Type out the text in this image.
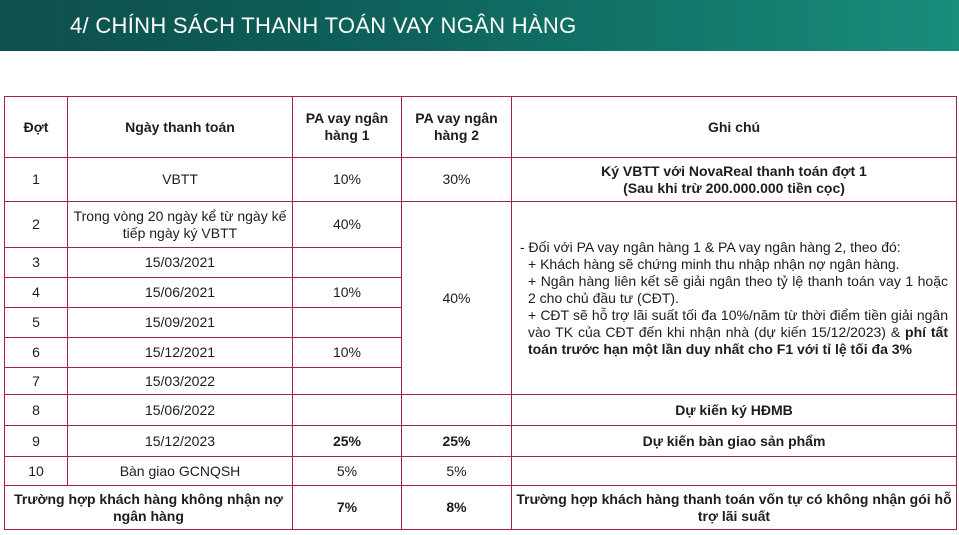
4/ CHÍNH SÁCH THANH TOÁN VAY NGÂN HÀNG
Đợt	Ngày thanh toán	PA vay ngân hàng 1	PA vay ngân hàng 2	Ghi chú
1	VBTT	10%	30%	Ký VBTT với NovaReal thanh toán đợt 1
(Sau khi trừ 200.000.000 tiền cọc)

2	Trong vòng 20 ngày kể từ ngày kế tiếp ngày ký VBTT	40%	40%	- Đối với PA vay ngân hàng 1 & PA vay ngân hàng 2, theo đó:
+ Khách hàng sẽ chứng minh thu nhập nhận nợ ngân hàng.
+ Ngân hàng liên kết sẽ giải ngân theo tỷ lệ thanh toán vay 1 hoặc 2 cho chủ đầu tư (CĐT).
+ CĐT sẽ hỗ trợ lãi suất tối đa 10%/năm từ thời điểm tiền giải ngân vào TK của CĐT đến khi nhận nhà (dự kiến 15/12/2023) & phí tất toán trước hạn một lần duy nhất cho F1 với tỉ lệ tối đa 3%

3	15/03/2021			
4	15/06/2021	10%		
5	15/09/2021			
6	15/12/2021	10%		
7	15/03/2022			
8	15/06/2022			Dự kiến ký HĐMB
9	15/12/2023	25%	25%	Dự kiến bàn giao sản phẩm
10	Bàn giao GCNQSH	5%	5%	
Trường hợp khách hàng không nhận nợ ngân hàng		7%	8%	Trường hợp khách hàng thanh toán vốn tự có không nhận gói hỗ trợ lãi suất
